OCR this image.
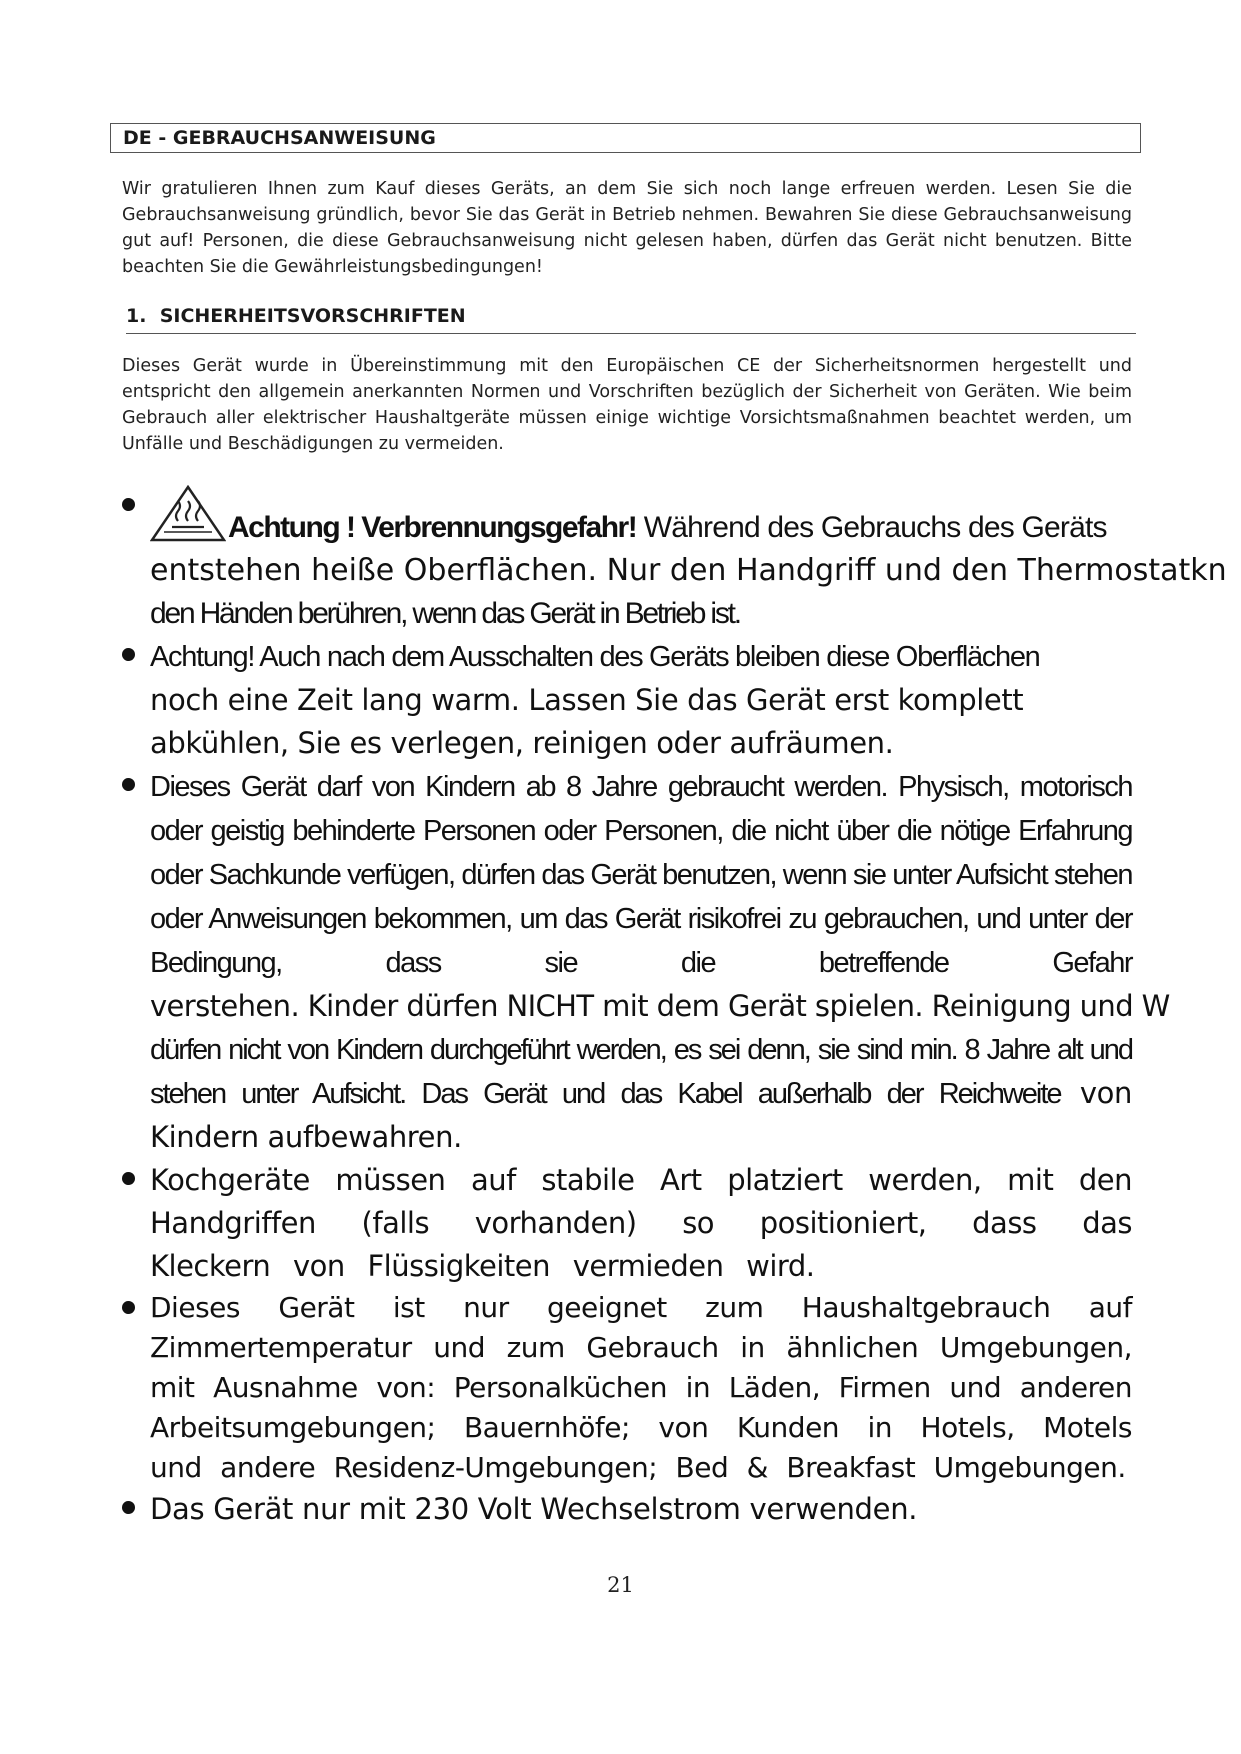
DE - GEBRAUCHSANWEISUNG
Wir gratulieren Ihnen zum Kauf dieses Geräts, an dem Sie sich noch lange erfreuen werden. Lesen Sie die Gebrauchsanweisung gründlich, bevor Sie das Gerät in Betrieb nehmen. Bewahren Sie diese Gebrauchsanweisung gut auf! Personen, die diese Gebrauchsanweisung nicht gelesen haben, dürfen das Gerät nicht benutzen. Bitte beachten Sie die Gewährleistungsbedingungen!
1. SICHERHEITSVORSCHRIFTEN
Dieses Gerät wurde in Übereinstimmung mit den Europäischen CE der Sicherheitsnormen hergestellt und entspricht den allgemein anerkannten Normen und Vorschriften bezüglich der Sicherheit von Geräten. Wie beim Gebrauch aller elektrischer Haushaltgeräte müssen einige wichtige Vorsichtsmaßnahmen beachtet werden, um Unfälle und Beschädigungen zu vermeiden.
Achtung ! Verbrennungsgefahr! Während des Gebrauchs des Geräts
entstehen heiße Oberflächen. Nur den Handgriff und den Thermostatkn
den Händen berühren, wenn das Gerät in Betrieb ist.
Achtung! Auch nach dem Ausschalten des Geräts bleiben diese Oberflächen
noch eine Zeit lang warm. Lassen Sie das Gerät erst komplett abkühlen, Sie es verlegen, reinigen oder aufräumen.
Dieses Gerät darf von Kindern ab 8 Jahre gebraucht werden. Physisch, motorisch oder geistig behinderte Personen oder Personen, die nicht über die nötige Erfahrung oder Sachkunde verfügen, dürfen das Gerät benutzen, wenn sie unter Aufsicht stehen oder Anweisungen bekommen, um das Gerät risikofrei zu gebrauchen, und unter der Bedingung, dass sie die betreffende Gefahr verstehen. Kinder dürfen NICHT mit dem Gerät spielen. Reinigung und W dürfen nicht von Kindern durchgeführt werden, es sei denn, sie sind min. 8 Jahre alt und stehen unter Aufsicht. Das Gerät und das Kabel außerhalb der Reichweite von Kindern aufbewahren.
Kochgeräte müssen auf stabile Art platziert werden, mit den Handgriffen (falls vorhanden) so positioniert, dass das Kleckern von Flüssigkeiten vermieden wird.
Dieses Gerät ist nur geeignet zum Haushaltgebrauch auf Zimmertemperatur und zum Gebrauch in ähnlichen Umgebungen, mit Ausnahme von: Personalküchen in Läden, Firmen und anderen Arbeitsumgebungen; Bauernhöfe; von Kunden in Hotels, Motels und andere Residenz-Umgebungen; Bed & Breakfast Umgebungen.
Das Gerät nur mit 230 Volt Wechselstrom verwenden.
21
